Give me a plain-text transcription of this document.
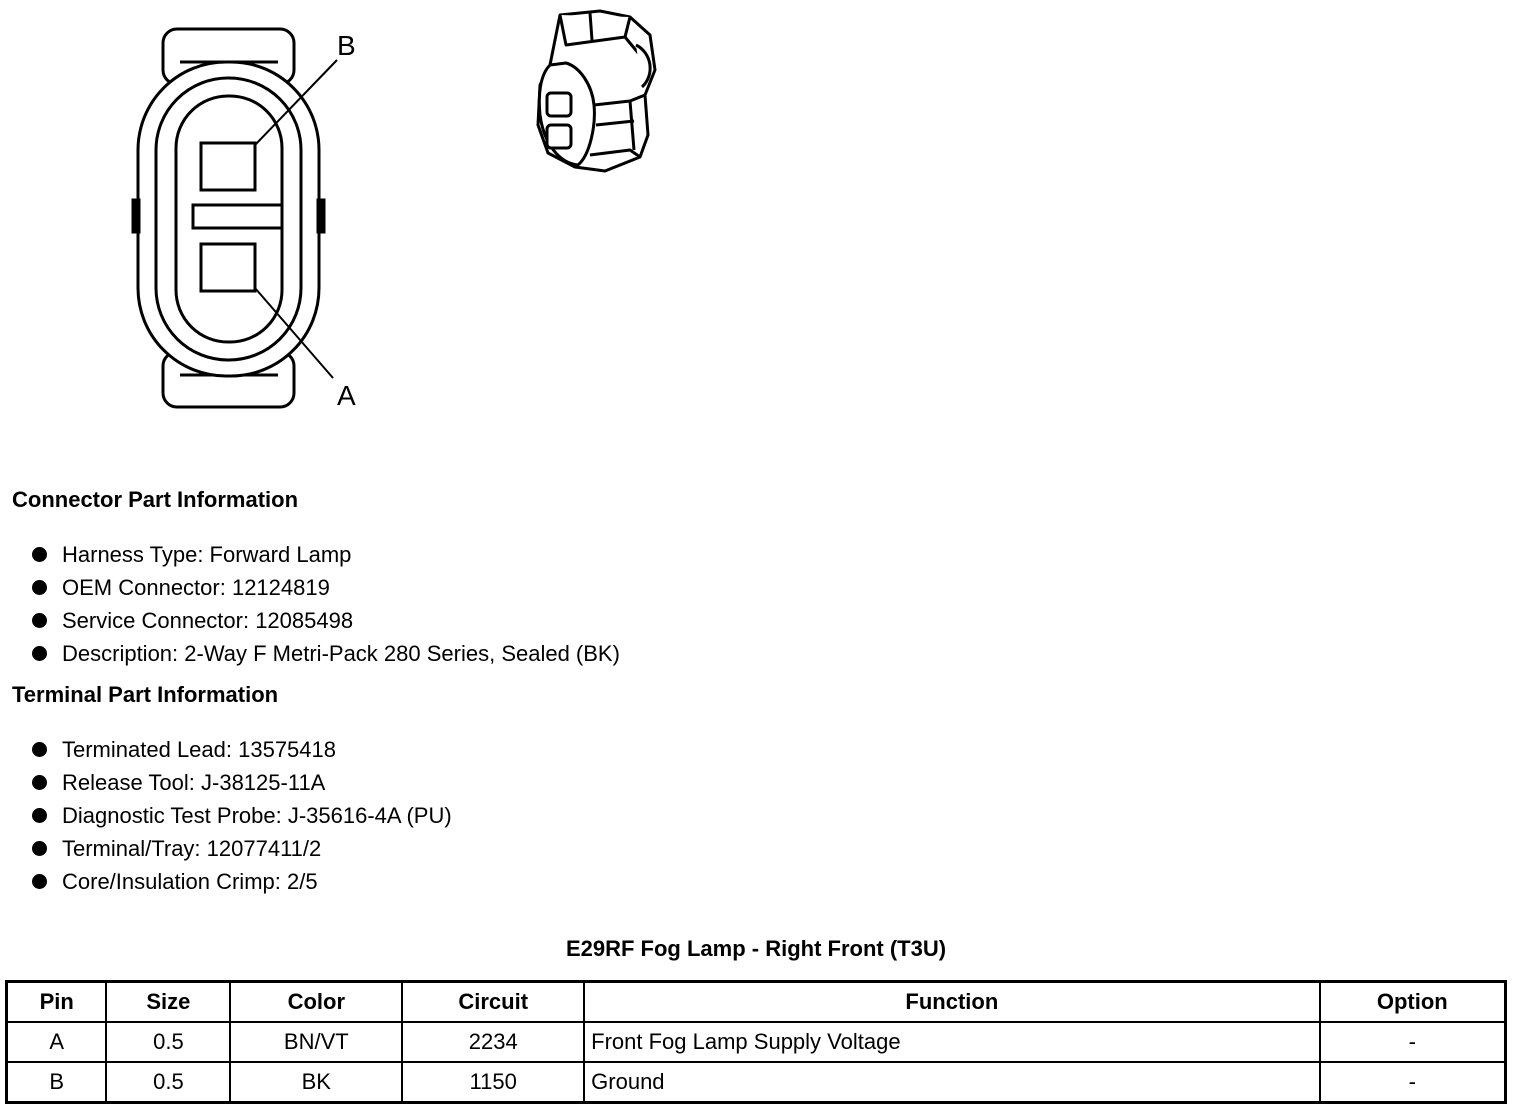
B
A
Connector Part Information
Harness Type: Forward Lamp
OEM Connector: 12124819
Service Connector: 12085498
Description: 2-Way F Metri-Pack 280 Series, Sealed (BK)
Terminal Part Information
Terminated Lead: 13575418
Release Tool: J-38125-11A
Diagnostic Test Probe: J-35616-4A (PU)
Terminal/Tray: 12077411/2
Core/Insulation Crimp: 2/5
E29RF Fog Lamp - Right Front (T3U)
Pin	Size	Color	Circuit	Function	Option
A	0.5	BN/VT	2234	Front Fog Lamp Supply Voltage	-
B	0.5	BK	1150	Ground	-
